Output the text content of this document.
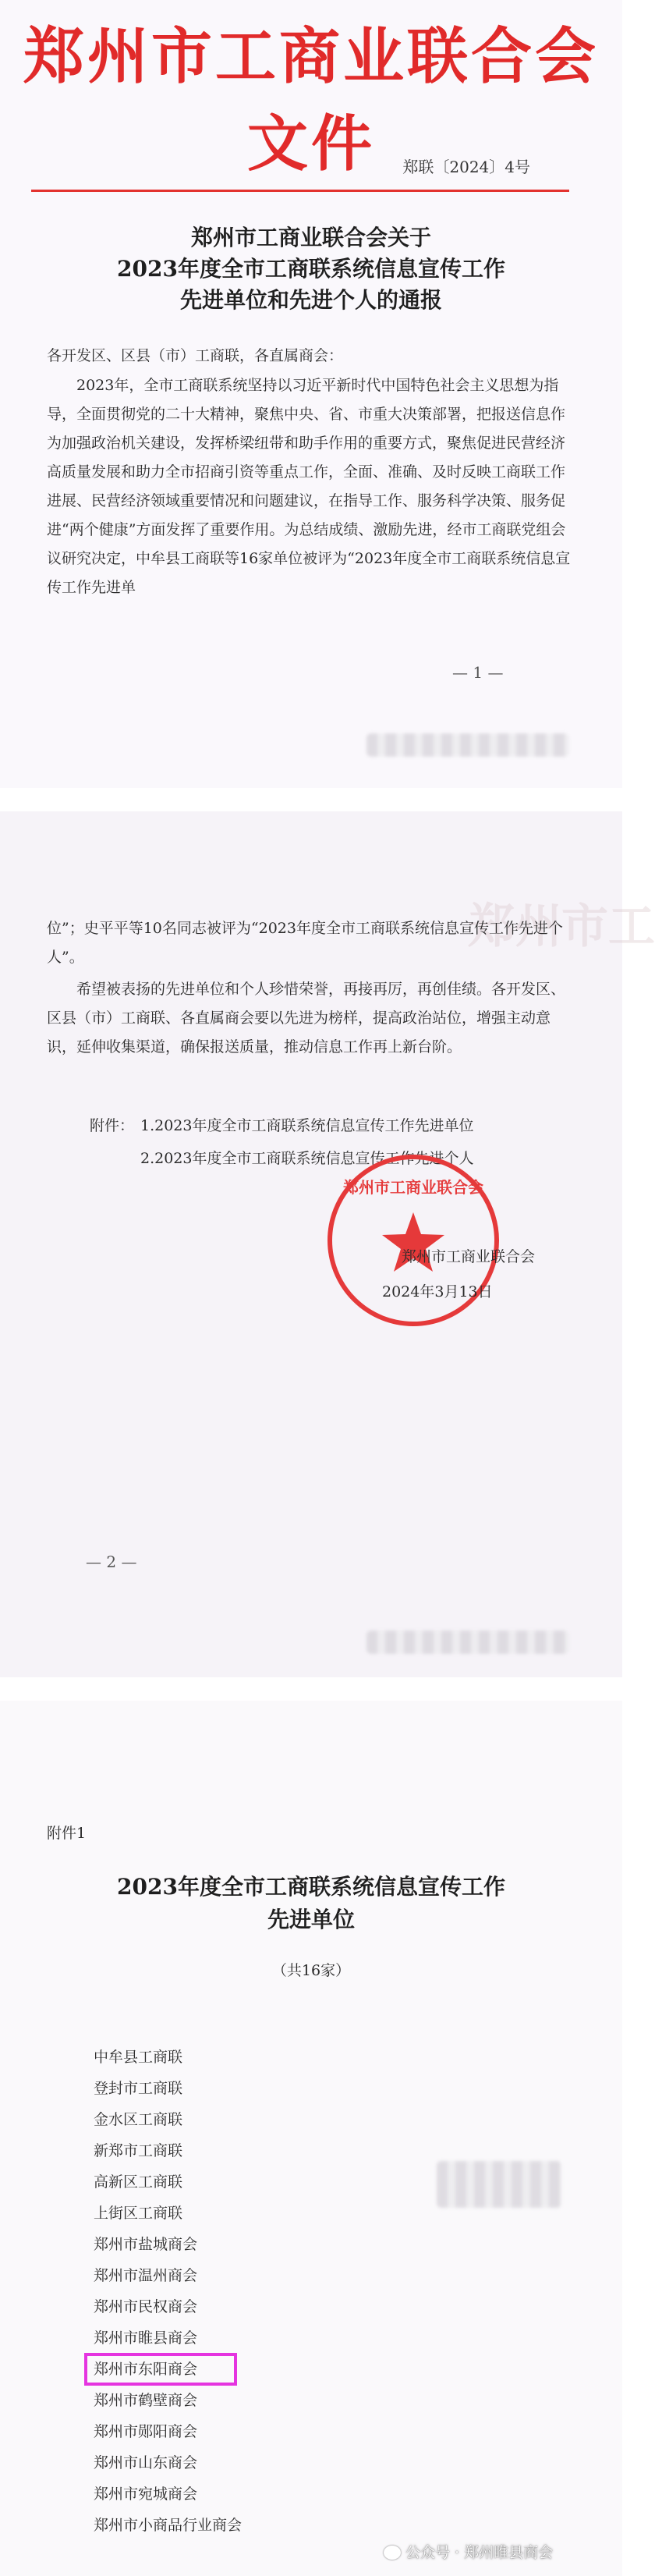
郑州市工商业联合会文件	郑联〔2024〕4号
郑州市工商业联合会关于
2023年度全市工商联系统信息宣传工作
先进单位和先进个人的通报
各开发区、区县（市）工商联，各直属商会：
2023年，全市工商联系统坚持以习近平新时代中国特色社会主义思想为指导，全面贯彻党的二十大精神，聚焦中央、省、市重大决策部署，把报送信息作为加强政治机关建设，发挥桥梁纽带和助手作用的重要方式，聚焦促进民营经济高质量发展和助力全市招商引资等重点工作，全面、准确、及时反映工商联工作进展、民营经济领域重要情况和问题建议，在指导工作、服务科学决策、服务促进“两个健康”方面发挥了重要作用。为总结成绩、激励先进，经市工商联党组会议研究决定，中牟县工商联等16家单位被评为“2023年度全市工商联系统信息宣传工作先进单
— 1 —
郑州市工
位”；史平平等10名同志被评为“2023年度全市工商联系统信息宣传工作先进个人”。
希望被表扬的先进单位和个人珍惜荣誉，再接再厉，再创佳绩。各开发区、区县（市）工商联、各直属商会要以先进为榜样，提高政治站位，增强主动意识，延伸收集渠道，确保报送质量，推动信息工作再上新台阶。
附件： 1.2023年度全市工商联系统信息宣传工作先进单位
2.2023年度全市工商联系统信息宣传工作先进个人
郑州市工商业联合会
郑州市工商业联合会
2024年3月13日
— 2 —
附件1
2023年度全市工商联系统信息宣传工作
先进单位
（共16家）
中牟县工商联
登封市工商联
金水区工商联
新郑市工商联
高新区工商联
上街区工商联
郑州市盐城商会
郑州市温州商会
郑州市民权商会
郑州市睢县商会
郑州市东阳商会
郑州市鹤壁商会
郑州市郧阳商会
郑州市山东商会
郑州市宛城商会
郑州市小商品行业商会
公众号 · 郑州睢县商会
